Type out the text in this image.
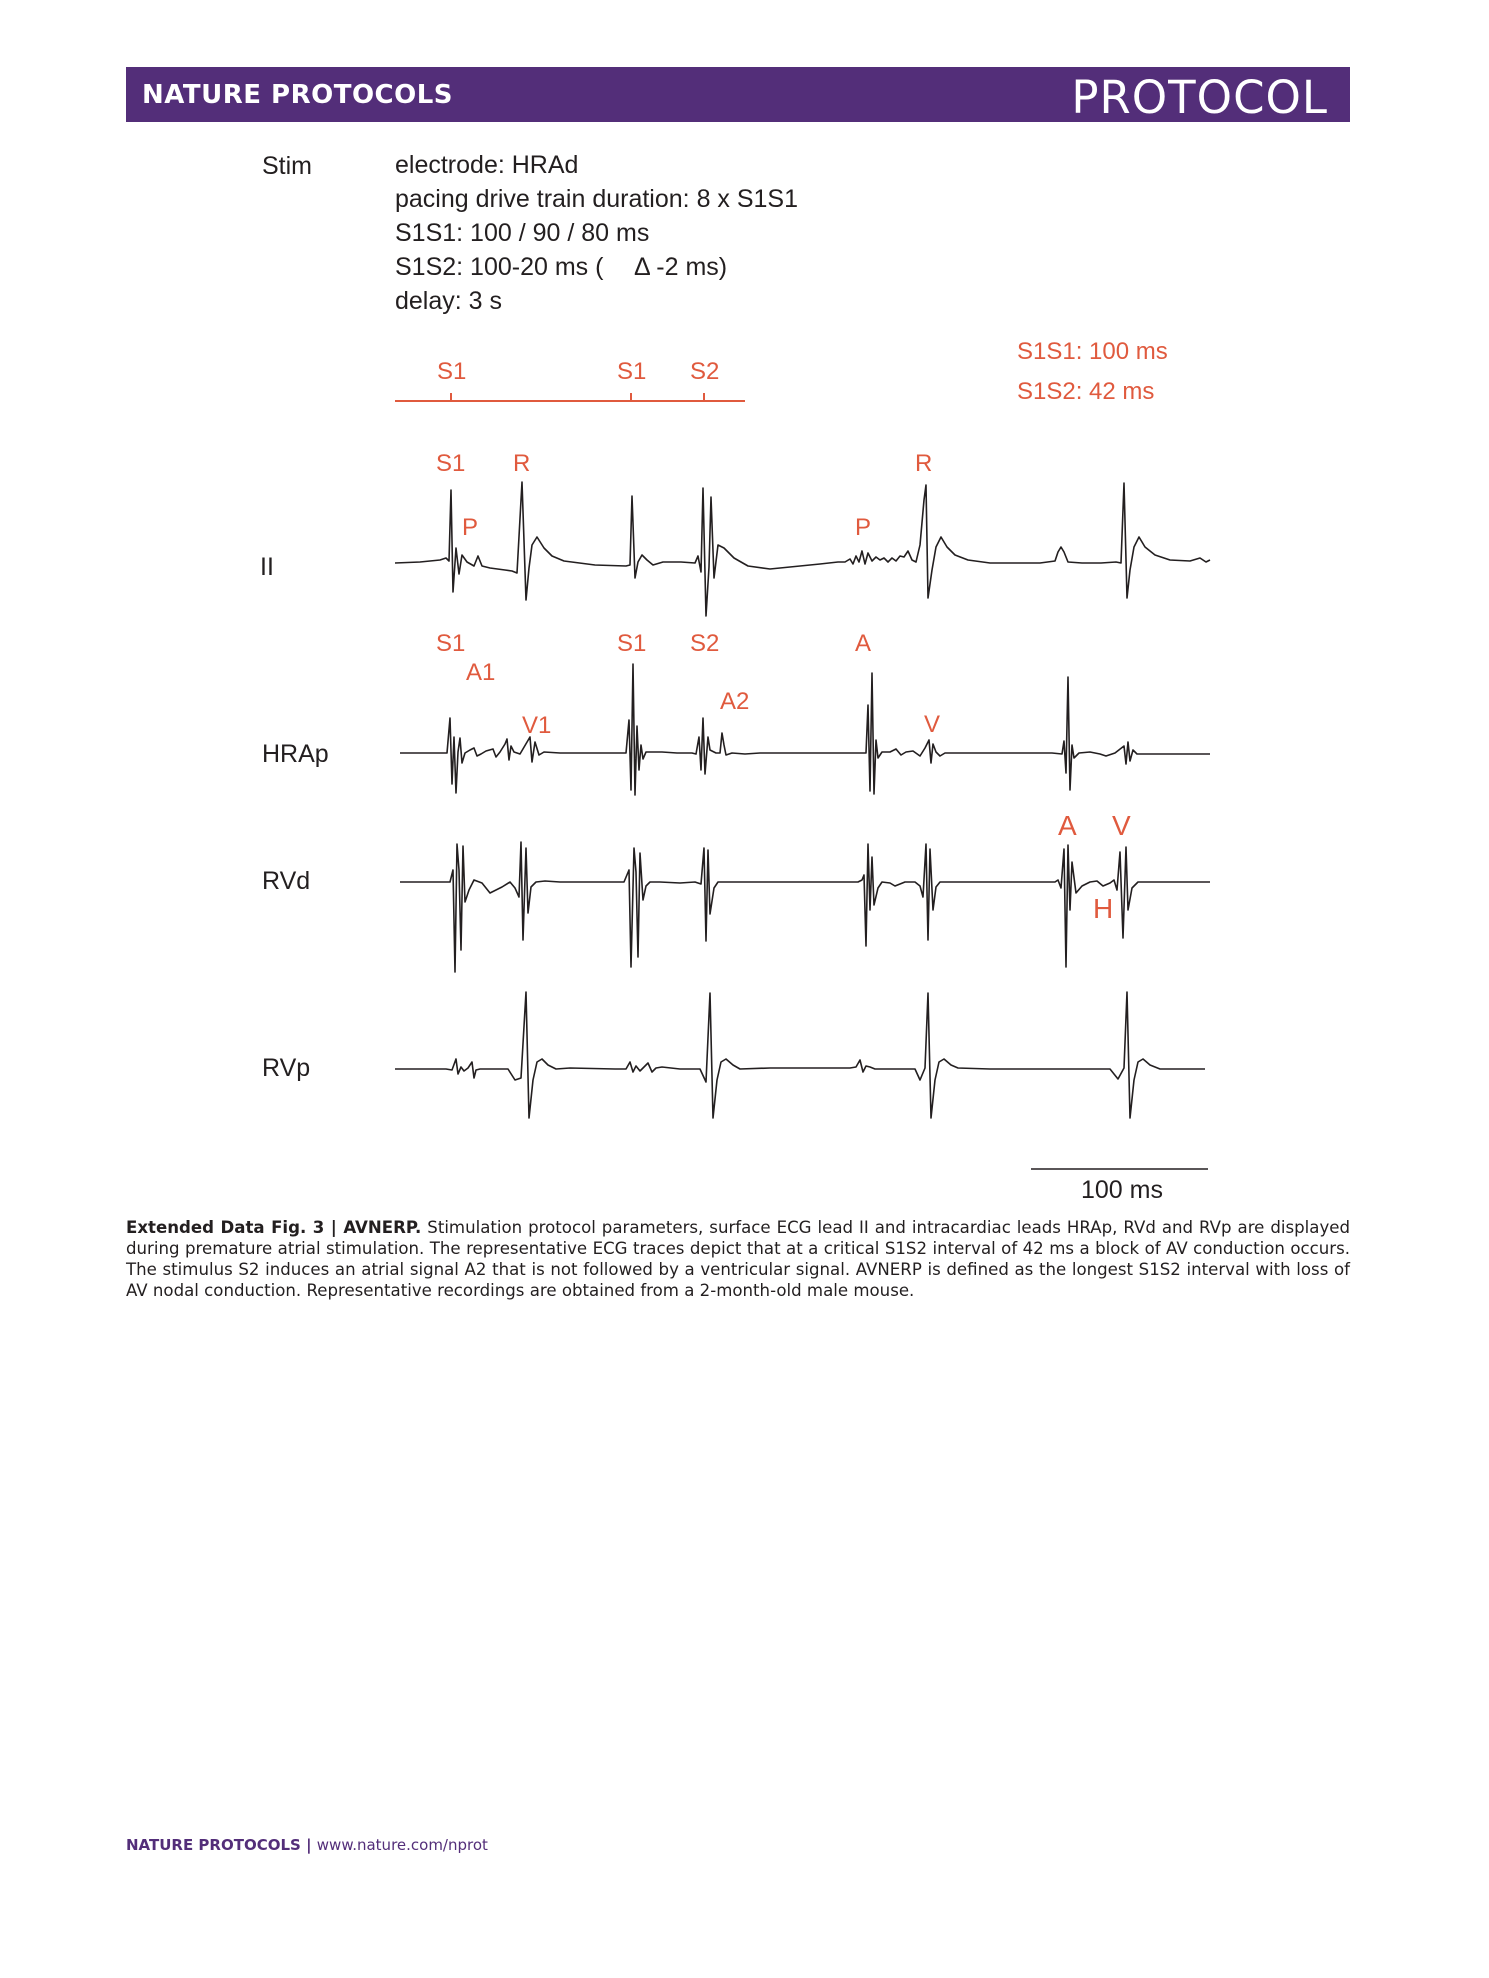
NATURE PROTOCOLS	PROTOCOL
Stim
II
HRAp
RVd
RVp
electrode: HRAd
pacing drive train duration: 8 x S1S1
S1S1: 100 / 90 / 80 ms
S1S2: 100-20 ms ( Δ -2 ms)
delay: 3 s
S1S1: 100 ms
S1S2: 42 ms
S1	S1 S2
S1 R
P	P
R
S1	S1 S2	A
A1
A2
V1	V
A V
H
100 ms
Extended Data Fig. 3 | AVNERP. Stimulation protocol parameters, surface ECG lead II and intracardiac leads HRAp, RVd and RVp are displayed during premature atrial stimulation. The representative ECG traces depict that at a critical S1S2 interval of 42 ms a block of AV conduction occurs. The stimulus S2 induces an atrial signal A2 that is not followed by a ventricular signal. AVNERP is defined as the longest S1S2 interval with loss of AV nodal conduction. Representative recordings are obtained from a 2-month-old male mouse.
NATURE PROTOCOLS | www.nature.com/nprot
